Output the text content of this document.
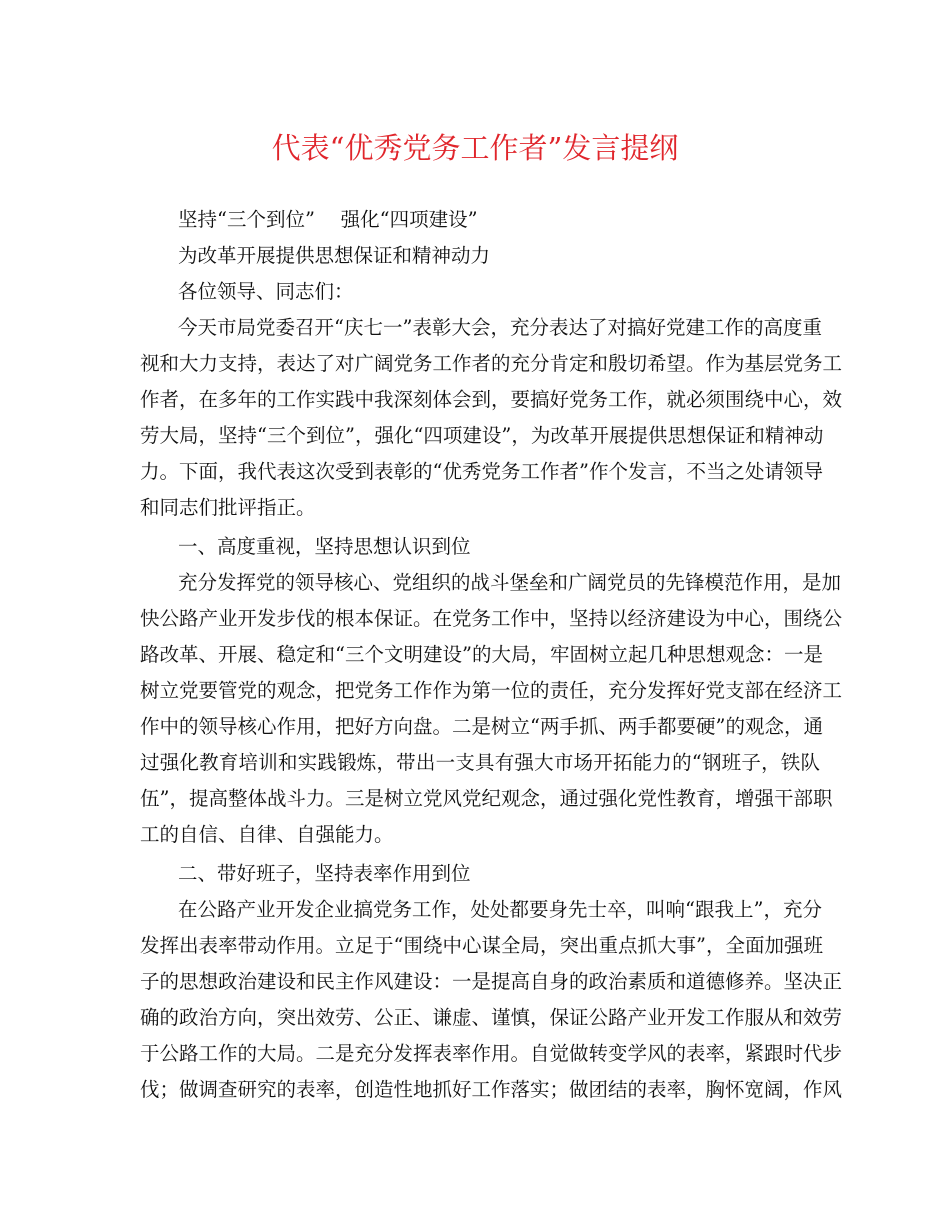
代表“优秀党务工作者”发言提纲
坚持“三个到位”　 强化“四项建设”
为改革开展提供思想保证和精神动力
各位领导、同志们：
今天市局党委召开“庆七一”表彰大会，充分表达了对搞好党建工作的高度重
视和大力支持，表达了对广阔党务工作者的充分肯定和殷切希望。作为基层党务工
作者，在多年的工作实践中我深刻体会到，要搞好党务工作，就必须围绕中心，效
劳大局，坚持“三个到位”，强化“四项建设”，为改革开展提供思想保证和精神动
力。下面，我代表这次受到表彰的“优秀党务工作者”作个发言，不当之处请领导
和同志们批评指正。
一、高度重视，坚持思想认识到位
充分发挥党的领导核心、党组织的战斗堡垒和广阔党员的先锋模范作用，是加
快公路产业开发步伐的根本保证。在党务工作中，坚持以经济建设为中心，围绕公
路改革、开展、稳定和“三个文明建设”的大局，牢固树立起几种思想观念：一是
树立党要管党的观念，把党务工作作为第一位的责任，充分发挥好党支部在经济工
作中的领导核心作用，把好方向盘。二是树立“两手抓、两手都要硬”的观念，通
过强化教育培训和实践锻炼，带出一支具有强大市场开拓能力的“钢班子，铁队
伍”，提高整体战斗力。三是树立党风党纪观念，通过强化党性教育，增强干部职
工的自信、自律、自强能力。
二、带好班子，坚持表率作用到位
在公路产业开发企业搞党务工作，处处都要身先士卒，叫响“跟我上”，充分
发挥出表率带动作用。立足于“围绕中心谋全局，突出重点抓大事”，全面加强班
子的思想政治建设和民主作风建设：一是提高自身的政治素质和道德修养。坚决正
确的政治方向，突出效劳、公正、谦虚、谨慎，保证公路产业开发工作服从和效劳
于公路工作的大局。二是充分发挥表率作用。自觉做转变学风的表率，紧跟时代步
伐；做调查研究的表率，创造性地抓好工作落实；做团结的表率，胸怀宽阔，作风
